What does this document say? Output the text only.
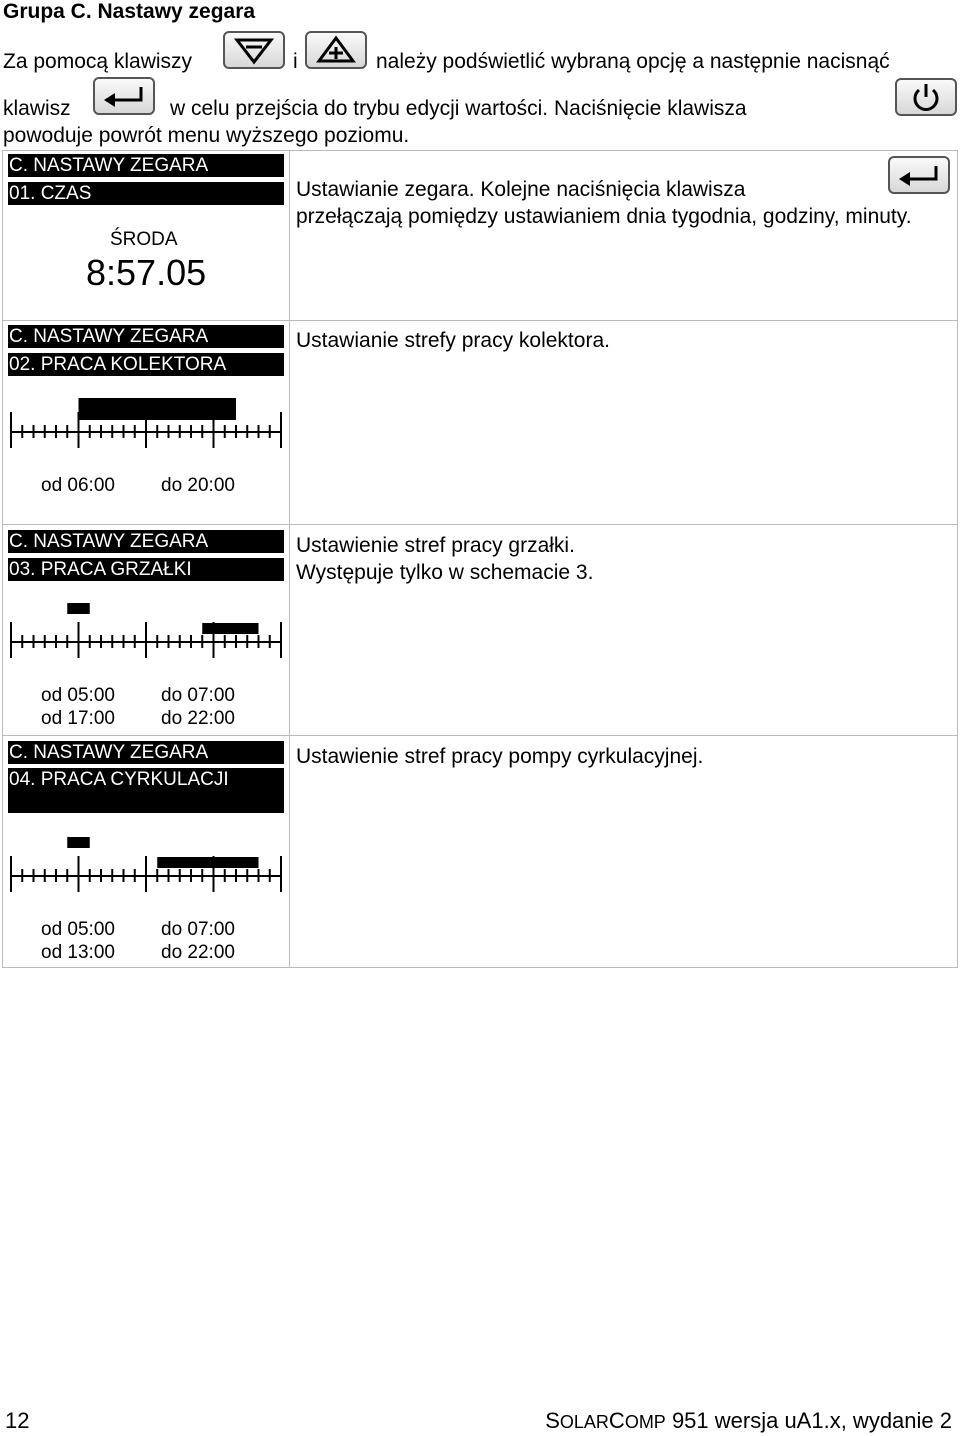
Grupa C. Nastawy zegara
Za pomocą klawiszy	i	należy podświetlić wybraną opcję a następnie nacisnąć
klawisz	w celu przejścia do trybu edycji wartości. Naciśnięcie klawisza
powoduje powrót menu wyższego poziomu.
C. NASTAWY ZEGARA
01. CZAS
ŚRODA
8:57.05
Ustawianie zegara. Kolejne naciśnięcia klawisza
przełączają pomiędzy ustawianiem dnia tygodnia, godziny, minuty.
C. NASTAWY ZEGARA
02. PRACA KOLEKTORA
od 06:00 do 20:00
Ustawianie strefy pracy kolektora.
C. NASTAWY ZEGARA
03. PRACA GRZAŁKI
od 05:00 do 07:00
od 17:00 do 22:00
Ustawienie stref pracy grzałki.
Występuje tylko w schemacie 3.
C. NASTAWY ZEGARA
04. PRACA CYRKULACJI
od 05:00 do 07:00
od 13:00 do 22:00
Ustawienie stref pracy pompy cyrkulacyjnej.
12	SOLARCOMP 951 wersja uA1.x, wydanie 2
